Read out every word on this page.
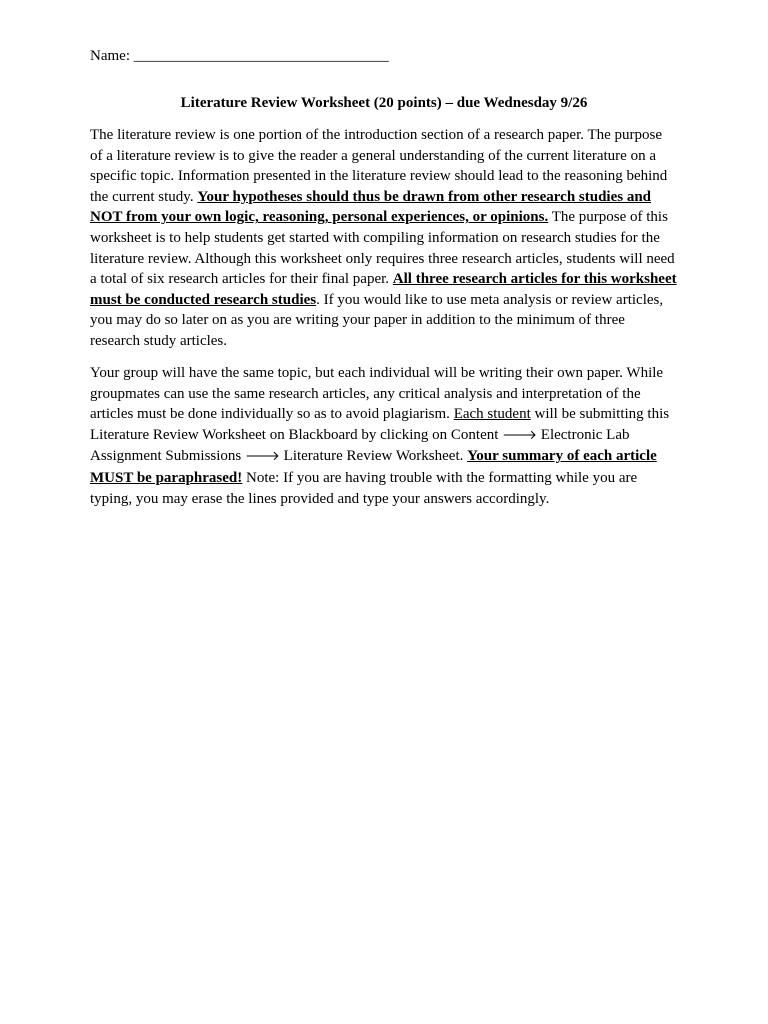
Name: __________________________________
Literature Review Worksheet (20 points) – due Wednesday 9/26
The literature review is one portion of the introduction section of a research paper. The purpose of a literature review is to give the reader a general understanding of the current literature on a specific topic. Information presented in the literature review should lead to the reasoning behind the current study. Your hypotheses should thus be drawn from other research studies and NOT from your own logic, reasoning, personal experiences, or opinions. The purpose of this worksheet is to help students get started with compiling information on research studies for the literature review. Although this worksheet only requires three research articles, students will need a total of six research articles for their final paper. All three research articles for this worksheet must be conducted research studies. If you would like to use meta analysis or review articles, you may do so later on as you are writing your paper in addition to the minimum of three research study articles.
Your group will have the same topic, but each individual will be writing their own paper. While groupmates can use the same research articles, any critical analysis and interpretation of the articles must be done individually so as to avoid plagiarism. Each student will be submitting this Literature Review Worksheet on Blackboard by clicking on Content 🡒 Electronic Lab Assignment Submissions 🡒 Literature Review Worksheet. Your summary of each article MUST be paraphrased! Note: If you are having trouble with the formatting while you are typing, you may erase the lines provided and type your answers accordingly.
